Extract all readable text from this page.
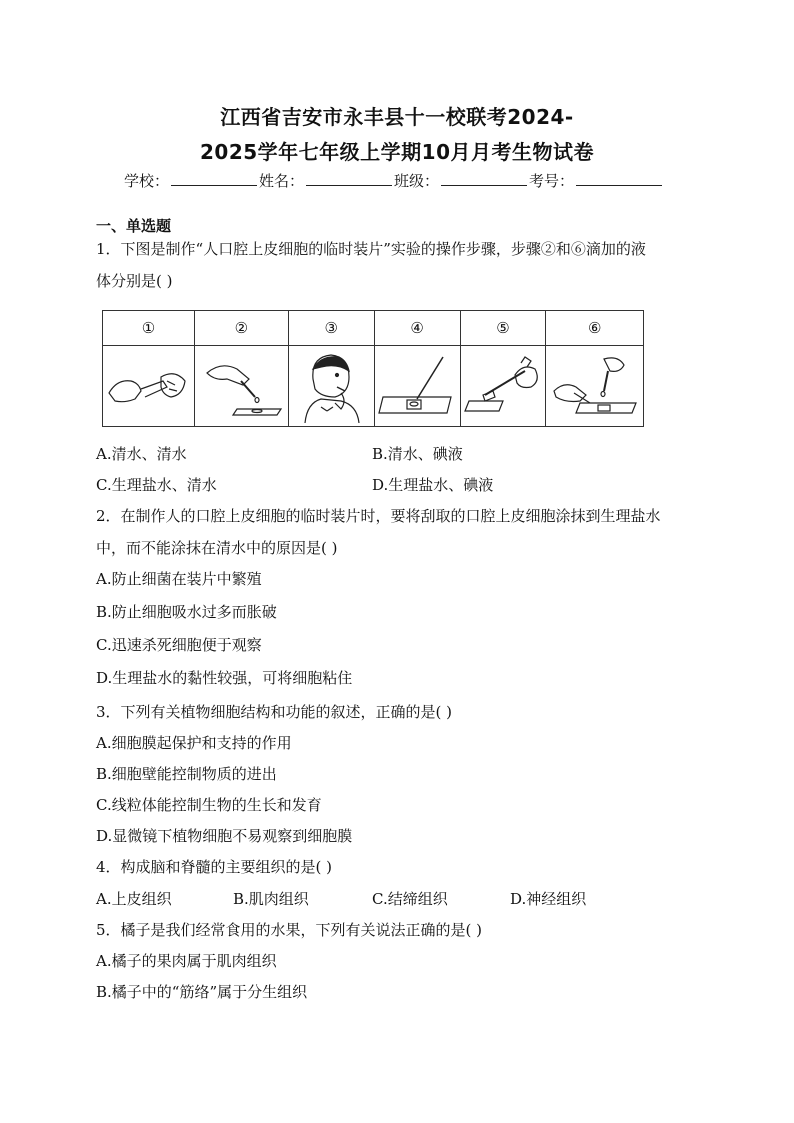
江西省吉安市永丰县十一校联考2024-
2025学年七年级上学期10月月考生物试卷
学校：	姓名：	班级：	考号：
一、单选题
1．下图是制作“人口腔上皮细胞的临时装片”实验的操作步骤，步骤②和⑥滴加的液
体分别是( )
①	②	③	④	⑤	⑥

A.清水、清水	B.清水、碘液
C.生理盐水、清水	D.生理盐水、碘液
2．在制作人的口腔上皮细胞的临时装片时，要将刮取的口腔上皮细胞涂抹到生理盐水
中，而不能涂抹在清水中的原因是( )
A.防止细菌在装片中繁殖
B.防止细胞吸水过多而胀破
C.迅速杀死细胞便于观察
D.生理盐水的黏性较强，可将细胞粘住
3．下列有关植物细胞结构和功能的叙述，正确的是( )
A.细胞膜起保护和支持的作用
B.细胞壁能控制物质的进出
C.线粒体能控制生物的生长和发育
D.显微镜下植物细胞不易观察到细胞膜
4．构成脑和脊髓的主要组织的是( )
A.上皮组织	B.肌肉组织	C.结缔组织	D.神经组织
5．橘子是我们经常食用的水果，下列有关说法正确的是( )
A.橘子的果肉属于肌肉组织
B.橘子中的“筋络”属于分生组织
